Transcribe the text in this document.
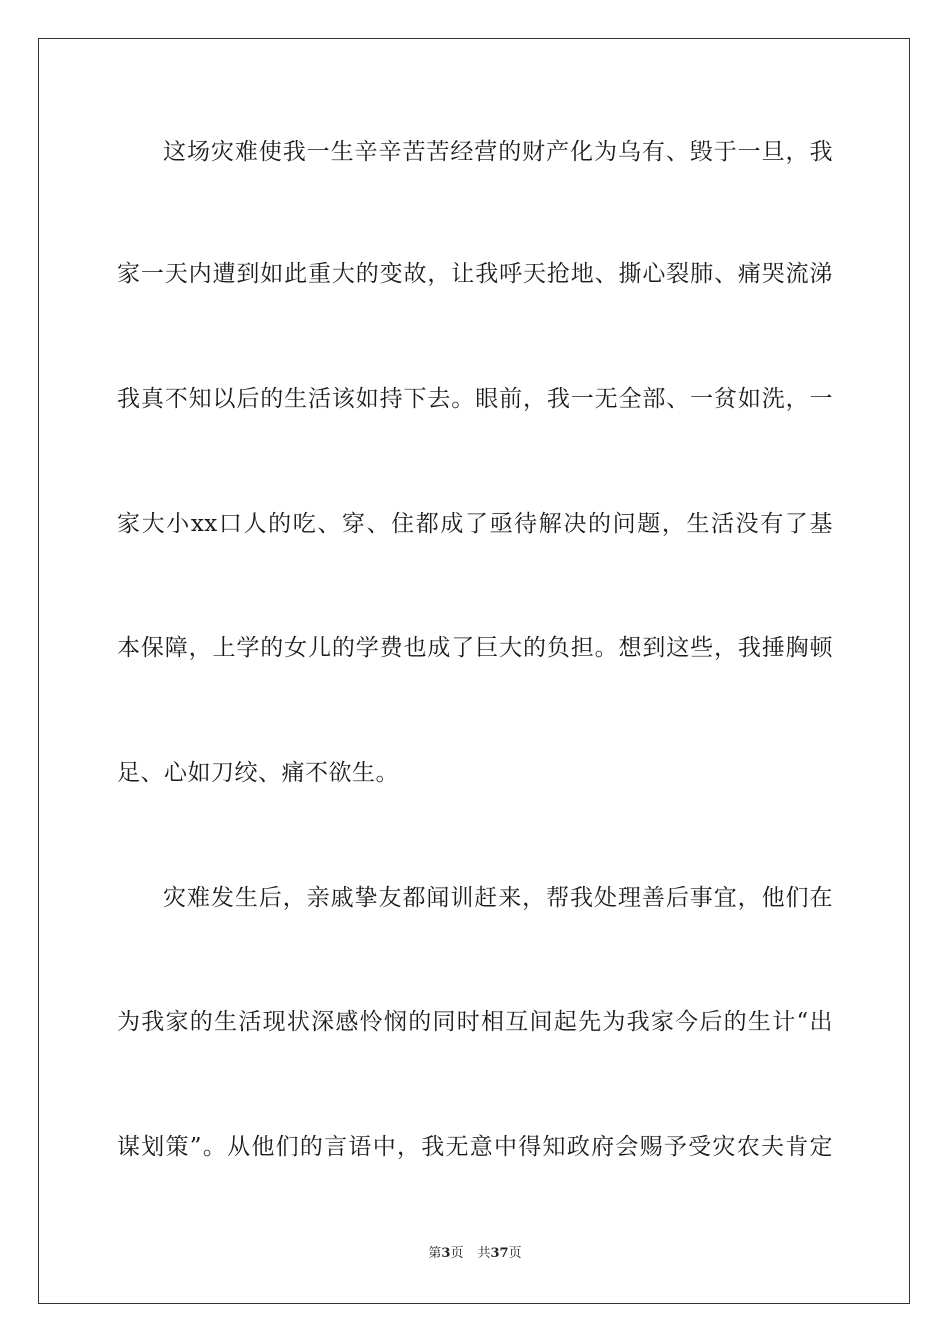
这场灾难使我一生辛辛苦苦经营的财产化为乌有、毁于一旦，我
家一天内遭到如此重大的变故，让我呼天抢地、撕心裂肺、痛哭流涕
我真不知以后的生活该如持下去。眼前，我一无全部、一贫如洗，一
家大小xx口人的吃、穿、住都成了亟待解决的问题，生活没有了基
本保障，上学的女儿的学费也成了巨大的负担。想到这些，我捶胸顿
足、心如刀绞、痛不欲生。
灾难发生后，亲戚挚友都闻训赶来，帮我处理善后事宜，他们在
为我家的生活现状深感怜悯的同时相互间起先为我家今后的生计“出
谋划策”。从他们的言语中，我无意中得知政府会赐予受灾农夫肯定
第3页 共37页
